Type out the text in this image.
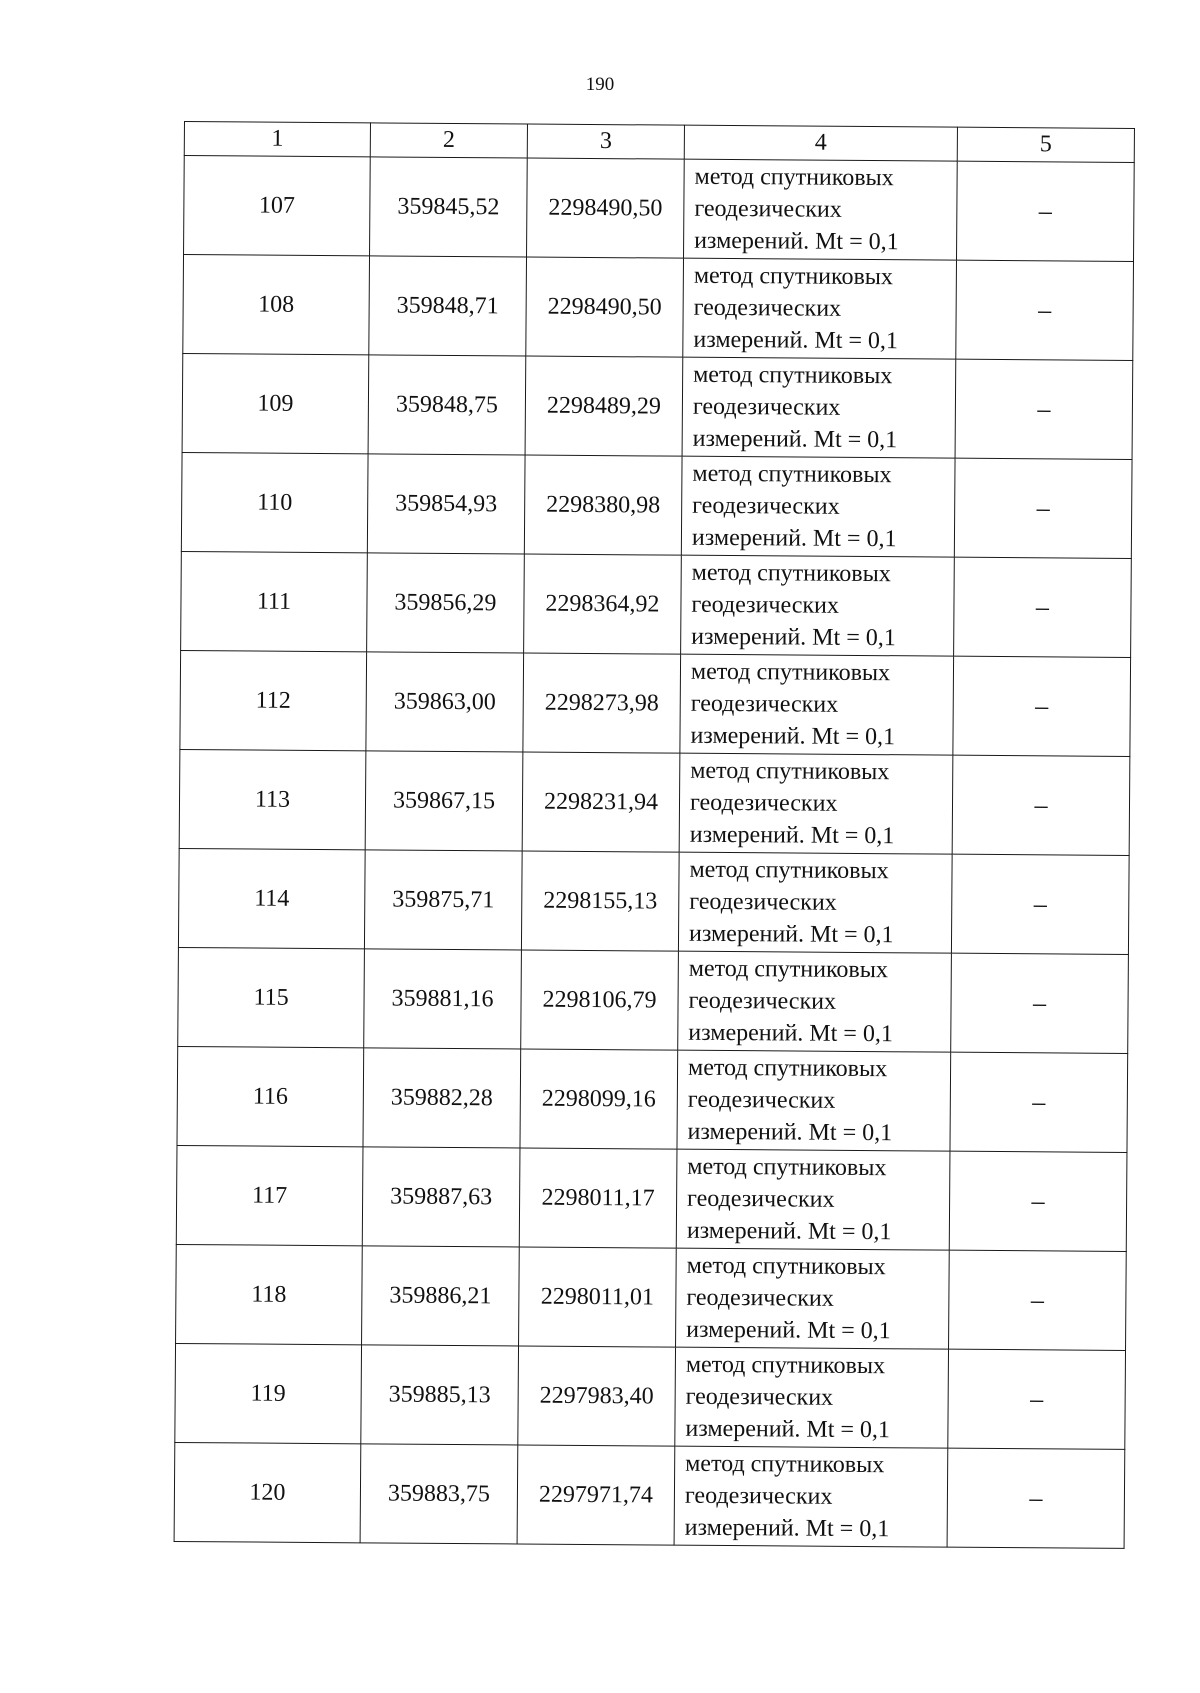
190
1	2	3	4	5
107	359845,52	2298490,50	метод спутниковых
геодезических
измерений. Mt = 0,1	–
108	359848,71	2298490,50	метод спутниковых
геодезических
измерений. Mt = 0,1	–
109	359848,75	2298489,29	метод спутниковых
геодезических
измерений. Mt = 0,1	–
110	359854,93	2298380,98	метод спутниковых
геодезических
измерений. Mt = 0,1	–
111	359856,29	2298364,92	метод спутниковых
геодезических
измерений. Mt = 0,1	–
112	359863,00	2298273,98	метод спутниковых
геодезических
измерений. Mt = 0,1	–
113	359867,15	2298231,94	метод спутниковых
геодезических
измерений. Mt = 0,1	–
114	359875,71	2298155,13	метод спутниковых
геодезических
измерений. Mt = 0,1	–
115	359881,16	2298106,79	метод спутниковых
геодезических
измерений. Mt = 0,1	–
116	359882,28	2298099,16	метод спутниковых
геодезических
измерений. Mt = 0,1	–
117	359887,63	2298011,17	метод спутниковых
геодезических
измерений. Mt = 0,1	–
118	359886,21	2298011,01	метод спутниковых
геодезических
измерений. Mt = 0,1	–
119	359885,13	2297983,40	метод спутниковых
геодезических
измерений. Mt = 0,1	–
120	359883,75	2297971,74	метод спутниковых
геодезических
измерений. Mt = 0,1	–
